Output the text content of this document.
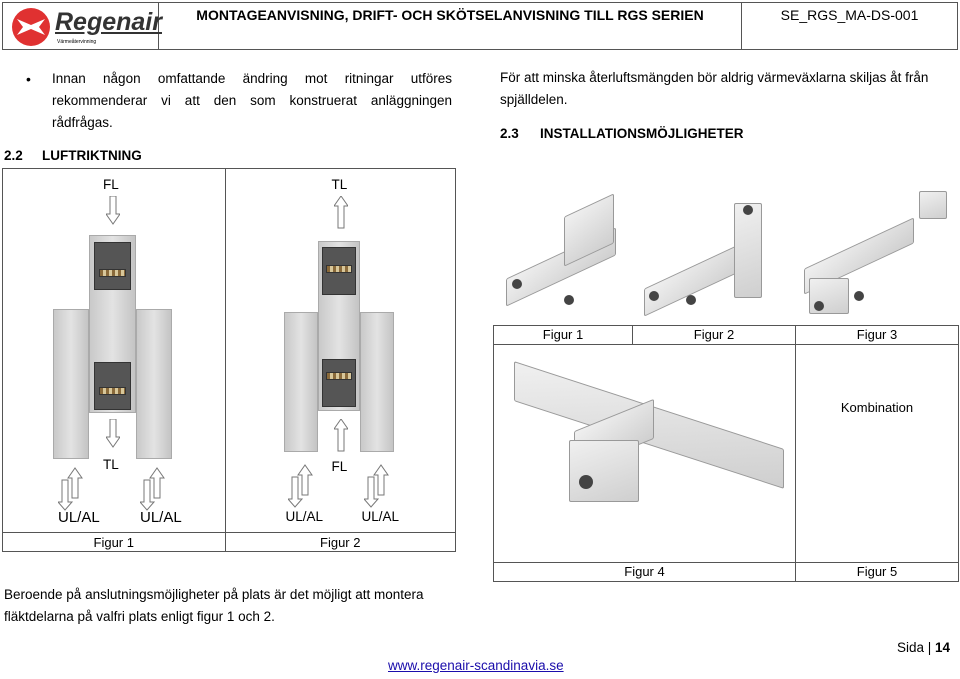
Regenair
Värmeåtervinning
MONTAGEANVISNING, DRIFT- OCH SKÖTSELANVISNING TILL RGS SERIEN	SE_RGS_MA-DS-001
• Innan någon omfattande ändring mot ritningar utföres rekommenderar vi att den som konstruerat anläggningen rådfrågas.
2.2 LUFTRIKTNING
FL
TL
UL/AL UL/AL	TL
FL
UL/AL UL/AL

Figur 1	Figur 2
Beroende på anslutningsmöjligheter på plats är det möjligt att montera fläktdelarna på valfri plats enligt figur 1 och 2.
För att minska återluftsmängden bör aldrig värmeväxlarna skiljas åt från spjälldelen.
2.3 INSTALLATIONSMÖJLIGHETER

Figur 1	Figur 2	Figur 3

		Kombination
Figur 4		Figur 5
Sida | 14
www.regenair-scandinavia.se
